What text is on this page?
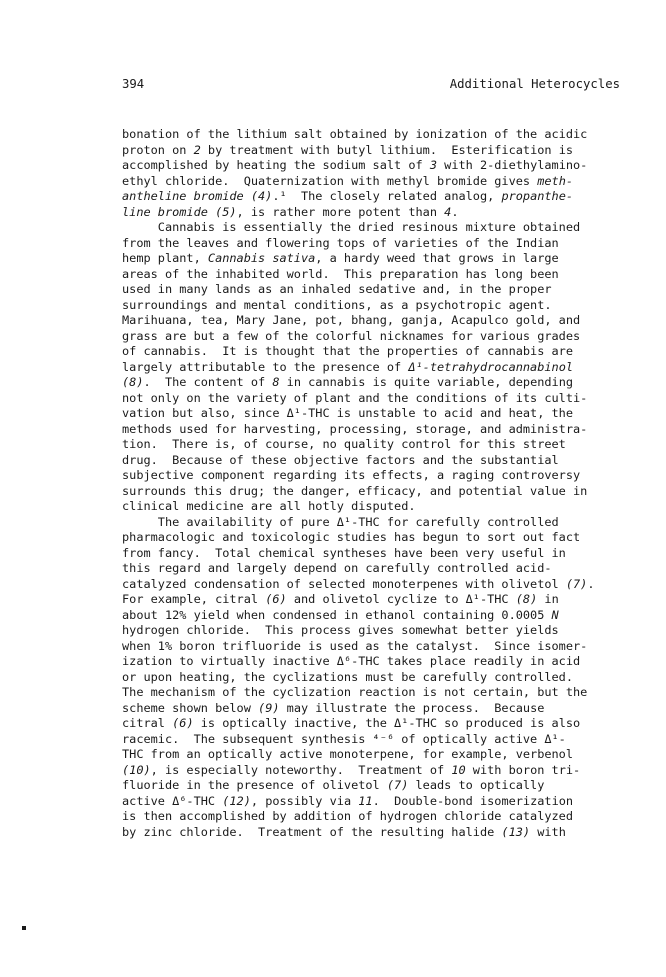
394	Additional Heterocycles
bonation of the lithium salt obtained by ionization of the acidic
proton on 2 by treatment with butyl lithium.  Esterification is
accomplished by heating the sodium salt of 3 with 2-diethylamino-
ethyl chloride.  Quaternization with methyl bromide gives meth-
antheline bromide (4).¹  The closely related analog, propanthe-
line bromide (5), is rather more potent than 4.
Cannabis is essentially the dried resinous mixture obtained
from the leaves and flowering tops of varieties of the Indian
hemp plant, Cannabis sativa, a hardy weed that grows in large
areas of the inhabited world.  This preparation has long been
used in many lands as an inhaled sedative and, in the proper
surroundings and mental conditions, as a psychotropic agent.
Marihuana, tea, Mary Jane, pot, bhang, ganja, Acapulco gold, and
grass are but a few of the colorful nicknames for various grades
of cannabis.  It is thought that the properties of cannabis are
largely attributable to the presence of Δ¹-tetrahydrocannabinol
(8).  The content of 8 in cannabis is quite variable, depending
not only on the variety of plant and the conditions of its culti-
vation but also, since Δ¹-THC is unstable to acid and heat, the
methods used for harvesting, processing, storage, and administra-
tion.  There is, of course, no quality control for this street
drug.  Because of these objective factors and the substantial
subjective component regarding its effects, a raging controversy
surrounds this drug; the danger, efficacy, and potential value in
clinical medicine are all hotly disputed.
The availability of pure Δ¹-THC for carefully controlled
pharmacologic and toxicologic studies has begun to sort out fact
from fancy.  Total chemical syntheses have been very useful in
this regard and largely depend on carefully controlled acid-
catalyzed condensation of selected monoterpenes with olivetol (7).
For example, citral (6) and olivetol cyclize to Δ¹-THC (8) in
about 12% yield when condensed in ethanol containing 0.0005 N
hydrogen chloride.  This process gives somewhat better yields
when 1% boron trifluoride is used as the catalyst.  Since isomer-
ization to virtually inactive Δ⁶-THC takes place readily in acid
or upon heating, the cyclizations must be carefully controlled.
The mechanism of the cyclization reaction is not certain, but the
scheme shown below (9) may illustrate the process.  Because
citral (6) is optically inactive, the Δ¹-THC so produced is also
racemic.  The subsequent synthesis ⁴⁻⁶ of optically active Δ¹-
THC from an optically active monoterpene, for example, verbenol
(10), is especially noteworthy.  Treatment of 10 with boron tri-
fluoride in the presence of olivetol (7) leads to optically
active Δ⁶-THC (12), possibly via 11.  Double-bond isomerization
is then accomplished by addition of hydrogen chloride catalyzed
by zinc chloride.  Treatment of the resulting halide (13) with
